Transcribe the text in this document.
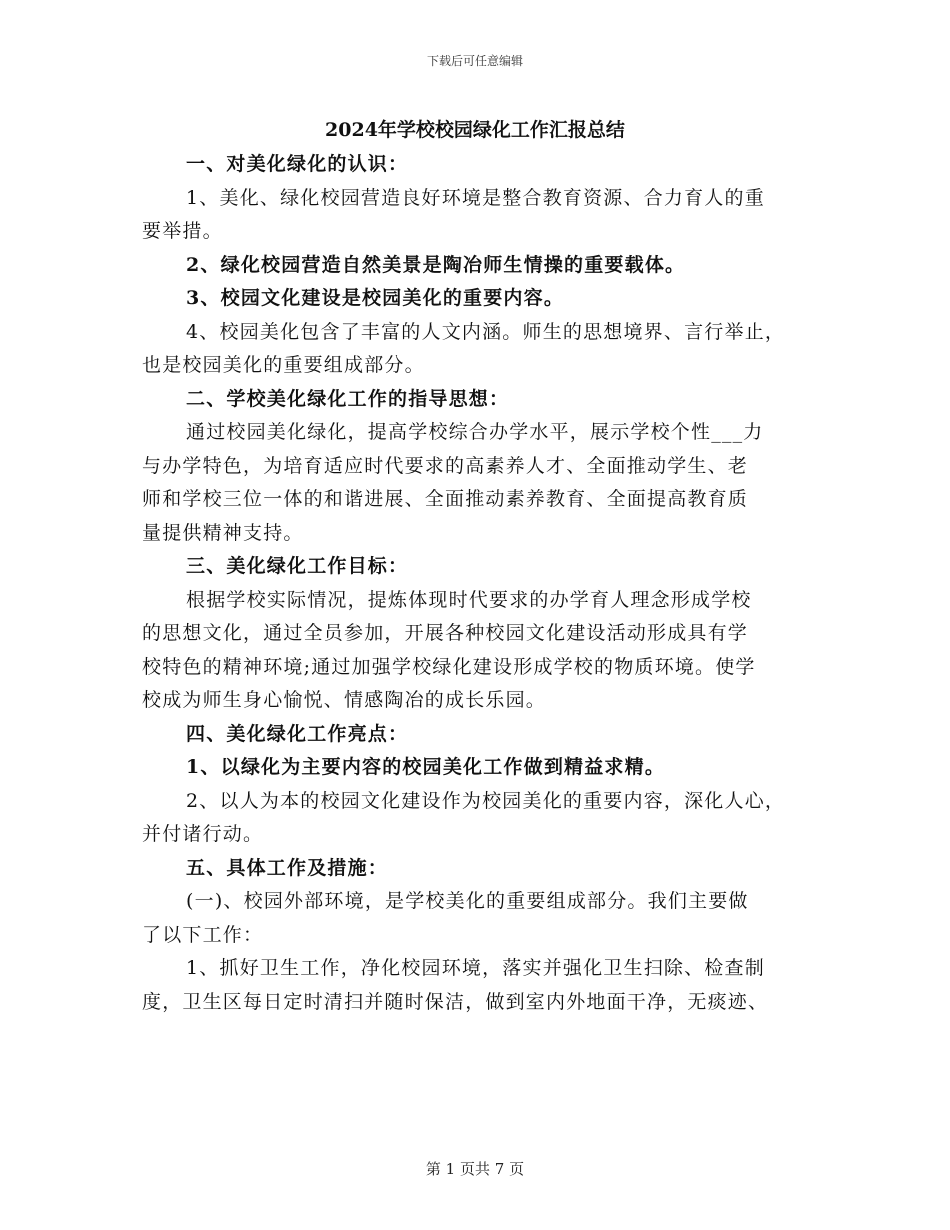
下载后可任意编辑
2024年学校校园绿化工作汇报总结
一、对美化绿化的认识：
1、美化、绿化校园营造良好环境是整合教育资源、合力育人的重
要举措。
2、绿化校园营造自然美景是陶冶师生情操的重要载体。
3、校园文化建设是校园美化的重要内容。
4、校园美化包含了丰富的人文内涵。师生的思想境界、言行举止，
也是校园美化的重要组成部分。
二、学校美化绿化工作的指导思想：
通过校园美化绿化，提高学校综合办学水平，展示学校个性___力
与办学特色，为培育适应时代要求的高素养人才、全面推动学生、老
师和学校三位一体的和谐进展、全面推动素养教育、全面提高教育质
量提供精神支持。
三、美化绿化工作目标：
根据学校实际情况，提炼体现时代要求的办学育人理念形成学校
的思想文化，通过全员参加，开展各种校园文化建设活动形成具有学
校特色的精神环境;通过加强学校绿化建设形成学校的物质环境。使学
校成为师生身心愉悦、情感陶冶的成长乐园。
四、美化绿化工作亮点：
1、以绿化为主要内容的校园美化工作做到精益求精。
2、以人为本的校园文化建设作为校园美化的重要内容，深化人心，
并付诸行动。
五、具体工作及措施：
(一)、校园外部环境，是学校美化的重要组成部分。我们主要做
了以下工作：
1、抓好卫生工作，净化校园环境，落实并强化卫生扫除、检查制
度，卫生区每日定时清扫并随时保洁，做到室内外地面干净，无痰迹、
第 1 页共 7 页
